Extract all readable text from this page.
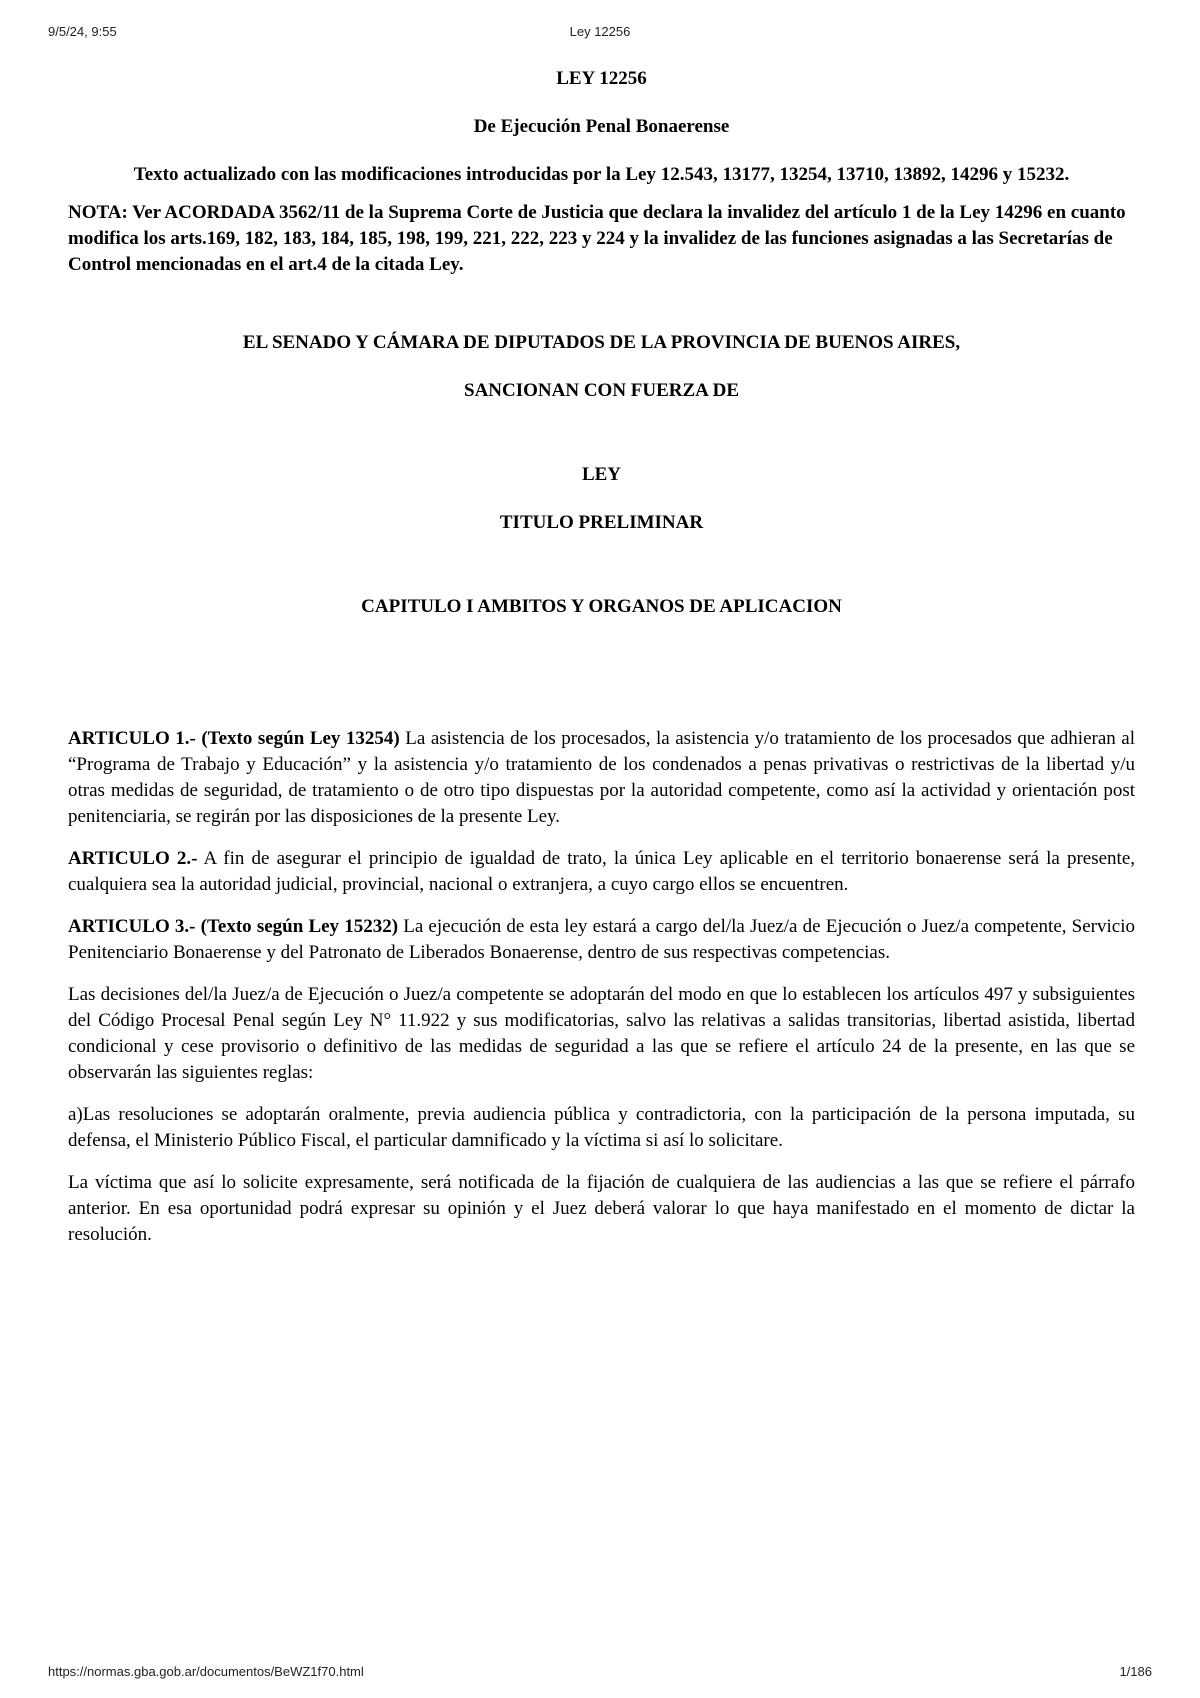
9/5/24, 9:55	Ley 12256

LEY 12256

De Ejecución Penal Bonaerense

Texto actualizado con las modificaciones introducidas por la Ley 12.543, 13177, 13254, 13710, 13892, 14296 y 15232.

NOTA: Ver ACORDADA 3562/11 de la Suprema Corte de Justicia que declara la invalidez del artículo 1 de la Ley 14296 en cuanto modifica los arts.169, 182, 183, 184, 185, 198, 199, 221, 222, 223 y 224 y la invalidez de las funciones asignadas a las Secretarías de Control mencionadas en el art.4 de la citada Ley.

EL SENADO Y CÁMARA DE DIPUTADOS DE LA PROVINCIA DE BUENOS AIRES,

SANCIONAN CON FUERZA DE

LEY

TITULO PRELIMINAR

CAPITULO I AMBITOS Y ORGANOS DE APLICACION

ARTICULO 1.- (Texto según Ley 13254) La asistencia de los procesados, la asistencia y/o tratamiento de los procesados que adhieran al “Programa de Trabajo y Educación” y la asistencia y/o tratamiento de los condenados a penas privativas o restrictivas de la libertad y/u otras medidas de seguridad, de tratamiento o de otro tipo dispuestas por la autoridad competente, como así la actividad y orientación post penitenciaria, se regirán por las disposiciones de la presente Ley.

ARTICULO 2.- A fin de asegurar el principio de igualdad de trato, la única Ley aplicable en el territorio bonaerense será la presente, cualquiera sea la autoridad judicial, provincial, nacional o extranjera, a cuyo cargo ellos se encuentren.

ARTICULO 3.- (Texto según Ley 15232) La ejecución de esta ley estará a cargo del/la Juez/a de Ejecución o Juez/a competente, Servicio Penitenciario Bonaerense y del Patronato de Liberados Bonaerense, dentro de sus respectivas competencias.

Las decisiones del/la Juez/a de Ejecución o Juez/a competente se adoptarán del modo en que lo establecen los artículos 497 y subsiguientes del Código Procesal Penal según Ley N° 11.922 y sus modificatorias, salvo las relativas a salidas transitorias, libertad asistida, libertad condicional y cese provisorio o definitivo de las medidas de seguridad a las que se refiere el artículo 24 de la presente, en las que se observarán las siguientes reglas:

a)Las resoluciones se adoptarán oralmente, previa audiencia pública y contradictoria, con la participación de la persona imputada, su defensa, el Ministerio Público Fiscal, el particular damnificado y la víctima si así lo solicitare.

La víctima que así lo solicite expresamente, será notificada de la fijación de cualquiera de las audiencias a las que se refiere el párrafo anterior. En esa oportunidad podrá expresar su opinión y el Juez deberá valorar lo que haya manifestado en el momento de dictar la resolución.

https://normas.gba.gob.ar/documentos/BeWZ1f70.html	1/186
